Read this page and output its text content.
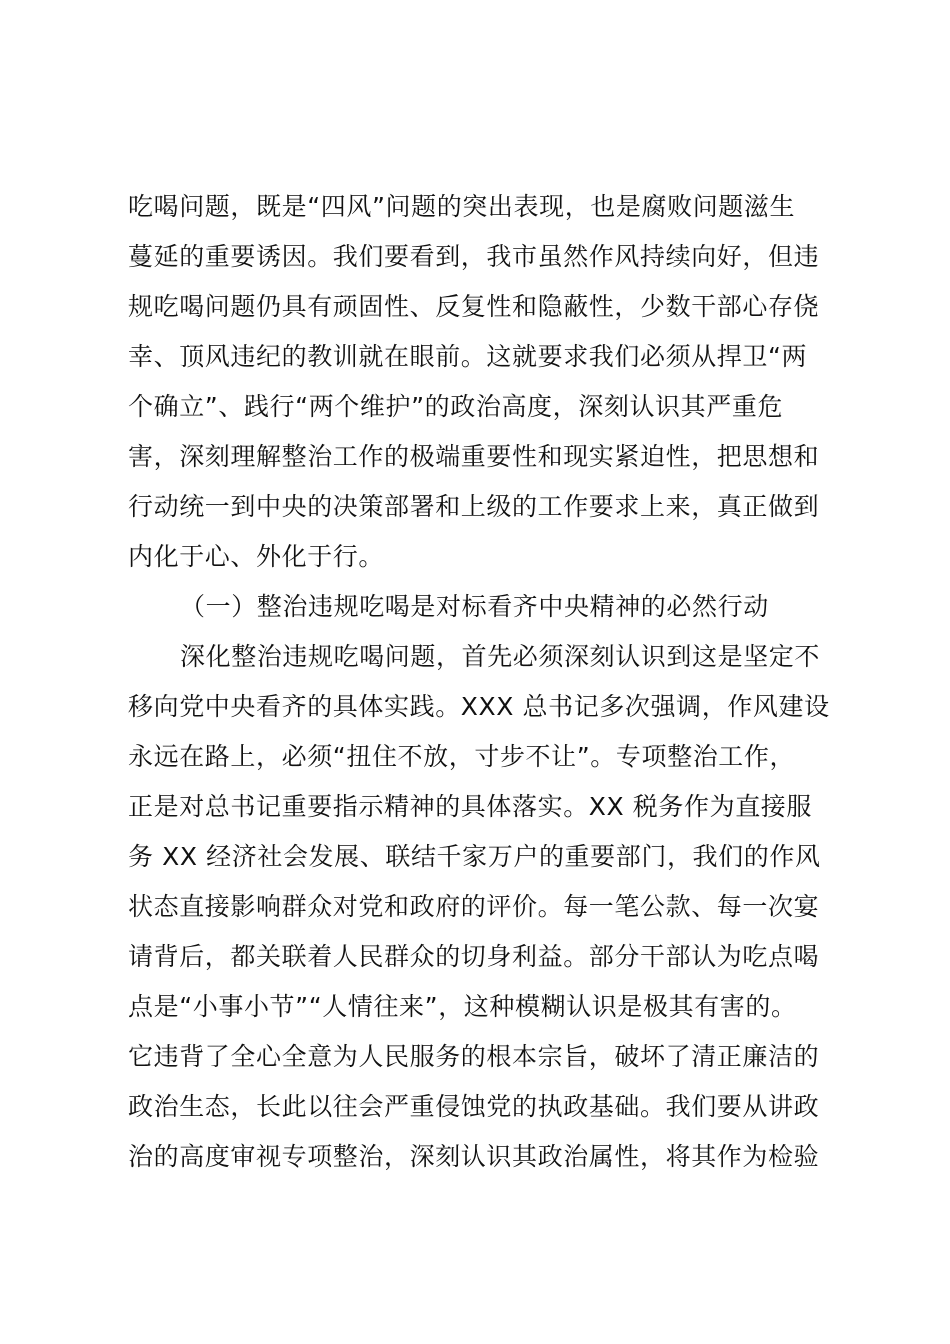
吃喝问题，既是“四风”问题的突出表现，也是腐败问题滋生
蔓延的重要诱因。我们要看到，我市虽然作风持续向好，但违
规吃喝问题仍具有顽固性、反复性和隐蔽性，少数干部心存侥
幸、顶风违纪的教训就在眼前。这就要求我们必须从捍卫“两
个确立”、践行“两个维护”的政治高度，深刻认识其严重危
害，深刻理解整治工作的极端重要性和现实紧迫性，把思想和
行动统一到中央的决策部署和上级的工作要求上来，真正做到
内化于心、外化于行。
（一）整治违规吃喝是对标看齐中央精神的必然行动
深化整治违规吃喝问题，首先必须深刻认识到这是坚定不
移向党中央看齐的具体实践。XXX 总书记多次强调，作风建设
永远在路上，必须“扭住不放，寸步不让”。专项整治工作，
正是对总书记重要指示精神的具体落实。XX 税务作为直接服
务 XX 经济社会发展、联结千家万户的重要部门，我们的作风
状态直接影响群众对党和政府的评价。每一笔公款、每一次宴
请背后，都关联着人民群众的切身利益。部分干部认为吃点喝
点是“小事小节”“人情往来”，这种模糊认识是极其有害的。
它违背了全心全意为人民服务的根本宗旨，破坏了清正廉洁的
政治生态，长此以往会严重侵蚀党的执政基础。我们要从讲政
治的高度审视专项整治，深刻认识其政治属性，将其作为检验
